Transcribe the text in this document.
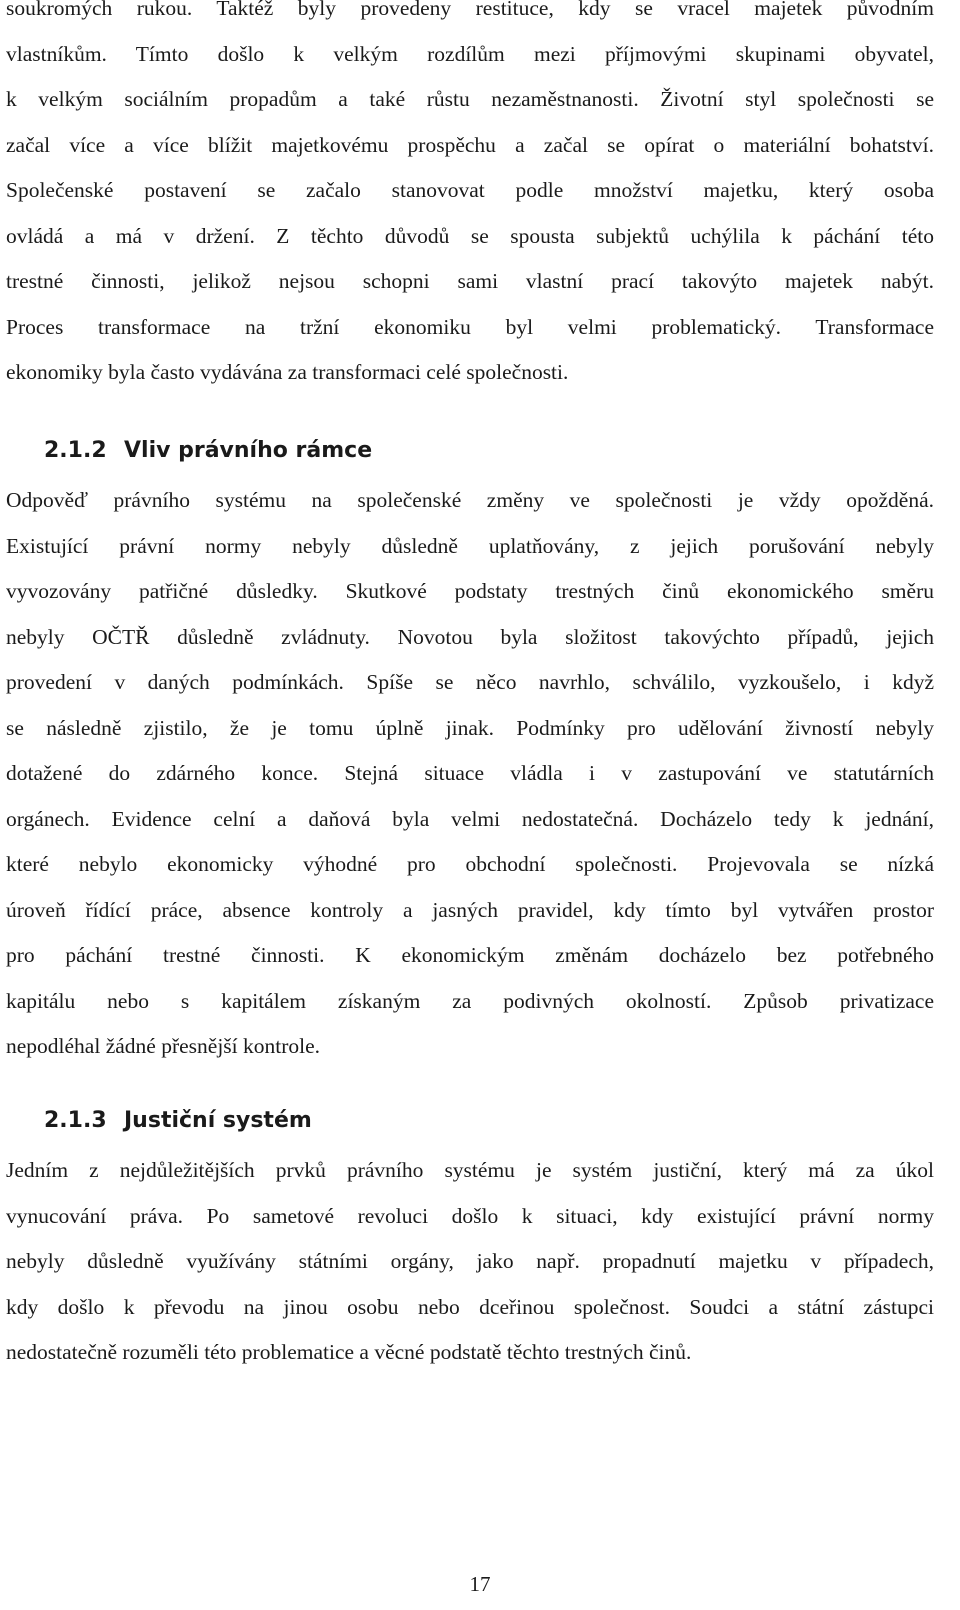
soukromých rukou. Taktéž byly provedeny restituce, kdy se vracel majetek původním
vlastníkům. Tímto došlo k velkým rozdílům mezi příjmovými skupinami obyvatel,
k velkým sociálním propadům a také růstu nezaměstnanosti. Životní styl společnosti se
začal více a více blížit majetkovému prospěchu a začal se opírat o materiální bohatství.
Společenské postavení se začalo stanovovat podle množství majetku, který osoba
ovládá a má v držení. Z těchto důvodů se spousta subjektů uchýlila k páchání této
trestné činnosti, jelikož nejsou schopni sami vlastní prací takovýto majetek nabýt.
Proces transformace na tržní ekonomiku byl velmi problematický. Transformace
ekonomiky byla často vydávána za transformaci celé společnosti.
2.1.2 Vliv právního rámce
Odpověď právního systému na společenské změny ve společnosti je vždy opožděná.
Existující právní normy nebyly důsledně uplatňovány, z jejich porušování nebyly
vyvozovány patřičné důsledky. Skutkové podstaty trestných činů ekonomického směru
nebyly OČTŘ důsledně zvládnuty. Novotou byla složitost takovýchto případů, jejich
provedení v daných podmínkách. Spíše se něco navrhlo, schválilo, vyzkoušelo, i když
se následně zjistilo, že je tomu úplně jinak. Podmínky pro udělování živností nebyly
dotažené do zdárného konce. Stejná situace vládla i v zastupování ve statutárních
orgánech. Evidence celní a daňová byla velmi nedostatečná. Docházelo tedy k jednání,
které nebylo ekonomicky výhodné pro obchodní společnosti. Projevovala se nízká
úroveň řídící práce, absence kontroly a jasných pravidel, kdy tímto byl vytvářen prostor
pro páchání trestné činnosti. K ekonomickým změnám docházelo bez potřebného
kapitálu nebo s kapitálem získaným za podivných okolností. Způsob privatizace
nepodléhal žádné přesnější kontrole.
2.1.3 Justiční systém
Jedním z nejdůležitějších prvků právního systému je systém justiční, který má za úkol
vynucování práva. Po sametové revoluci došlo k situaci, kdy existující právní normy
nebyly důsledně využívány státními orgány, jako např. propadnutí majetku v případech,
kdy došlo k převodu na jinou osobu nebo dceřinou společnost. Soudci a státní zástupci
nedostatečně rozuměli této problematice a věcné podstatě těchto trestných činů.
17
